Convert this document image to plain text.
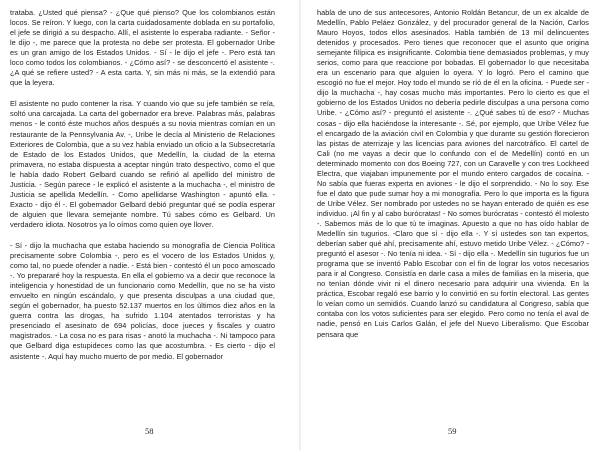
trataba. ¿Usted qué piensa? - ¿Que qué pienso? Que los colombianos están locos. Se reíron. Y luego, con la carta cuidadosamente doblada en su portafolio, el jefe se dirigió a su despacho. Allí, el asistente lo esperaba radiante. - Señor - le dijo -, me parece que la protesta no debe ser protesta. El gobernador Uribe es un gran amigo de los Estados Unidos. - Sí - le dijo el jefe -. Pero está tan loco como todos los colombianos. - ¿Cómo así? - se desconcertó el asistente -. ¿A qué se refiere usted? - A esta carta. Y, sin más ni más, se la extendió para que la leyera.

El asistente no pudo contener la risa. Y cuando vio que su jefe también se reía, soltó una carcajada. La carta del gobernador era breve. Palabras más, palabras menos - le contó éste muchos años después a su novia mientras comían en un restaurante de la Pennsylvania Av. -, Uribe le decía al Ministerio de Relaciones Exteriores de Colombia, que a su vez había enviado un oficio a la Subsecretaría de Estado de los Estados Unidos, que Medellín, la ciudad de la eterna primavera, no estaba dispuesta a aceptar ningún trato despectivo, como el que le había dado Robert Gelbard cuando se refirió al apellido del ministro de Justicia. - Según parece - le explicó el asistente a la muchacha -, el ministro de Justicia se apellida Medellín. - Como apellidarse Washington - apuntó ella. - Exacto - dijo él -. El gobernador Gelbard debió preguntar qué se podía esperar de alguien que llevara semejante nombre. Tú sabes cómo es Gelbard. Un verdadero idiota. Nosotros ya lo oímos como quien oye llover.

- Sí - dijo la muchacha que estaba haciendo su monografía de Ciencia Política precisamente sobre Colombia -, pero es el vocero de los Estados Unidos y, como tal, no puede ofender a nadie. - Está bien - contestó él un poco amoscado -. Yo prepararé hoy la respuesta. En ella el gobierno va a decir que reconoce la inteligencia y honestidad de un funcionario como Medellín, que no se ha visto envuelto en ningún escándalo, y que presenta disculpas a una ciudad que, según el gobernador, ha puesto 52.137 muertos en los últimos diez años en la guerra contra las drogas, ha sufrido 1.104 atentados terroristas y ha presenciado el asesinato de 694 policías, doce jueces y fiscales y cuatro magistrados. - La cosa no es para risas - anotó la muchacha -. Ni tampoco para que Gelbard diga estupideces como las que acostumbra. - Es cierto - dijo el asistente -. Aquí hay mucho muerto de por medio. El gobernador

habla de uno de sus antecesores, Antonio Roldán Betancur, de un ex alcalde de Medellín, Pablo Peláez González, y del procurador general de la Nación, Carlos Mauro Hoyos, todos ellos asesinados. Habla también de 13 mil delincuentes detenidos y procesados. Pero tienes que reconocer que el asunto que origina semejante filípica es insignificante. Colombia tiene demasiados problemas, y muy serios, como para que reaccione por bobadas. El gobernador lo que necesitaba era un escenario para que alguien lo oyera. Y lo logró. Pero el camino que escogió no fue el mejor. Hoy todo el mundo se ríó de él en la oficina. - Puede ser - dijo la muchacha -, hay cosas mucho más importantes. Pero lo cierto es que el gobierno de los Estados Unidos no debería pedirle disculpas a una persona como Uribe. - ¿Cómo así? - preguntó el asistente -. ¿Qué sabes tú de eso? - Muchas cosas - dijo ella haciéndose la interesante -. Sé, por ejemplo, que Uribe Vélez fue el encargado de la aviación civil en Colombia y que durante su gestión florecieron las pistas de aterrizaje y las licencias para aviones del narcotráfico. El cartel de Cali (no me vayas a decir que lo confundo con el de Medellín) contó en un determinado momento con dos Boeing 727, con un Caravelle y con tres Lockheed Electra, que viajaban impunemente por el mundo entero cargados de cocaína. - No sabía que fueras experta en aviones - le dijo el sorprendido. - No lo soy. Ese fue el dato que pude sumar hoy a mi monografía. Pero lo que importa es la figura de Uribe Vélez. Ser nombrado por ustedes no se hayan enterado de quién es ese individuo. ¡Al fin y al cabo burócratas! - No somos burócratas - contestó él molesto -. Sabemos más de lo que tú te imaginas. Apuesto a que no has oído hablar de Medellín sin tugurios. -Claro que sí - dijo ella -. Y sí ustedes son tan expertos, deberían saber qué ahí, precisamente ahí, estuvo metido Uribe Vélez. - ¿Cómo? - preguntó el asesor -. No tenía ni idea. - Sí - dijo ella -. Medellín sin tugurios fue un programa que se inventó Pablo Escobar con el fin de lograr los votos necesarios para ir al Congreso. Consistía en darle casa a miles de familias en la miseria, que no tenían dónde vivir ni el dinero necesario para adquirir una vivienda. En la práctica, Escobar regaló ese barrio y lo convirtió en su fortín electoral. Las gentes lo veían como un semidiós. Cuando lanzó su candidatura al Congreso, sabía que contaba con los votos suficientes para ser elegido. Pero como no tenía el aval de nadie, pensó en Luis Carlos Galán, el jefe del Nuevo Liberalismo. Que Escobar pensara que

58	59
